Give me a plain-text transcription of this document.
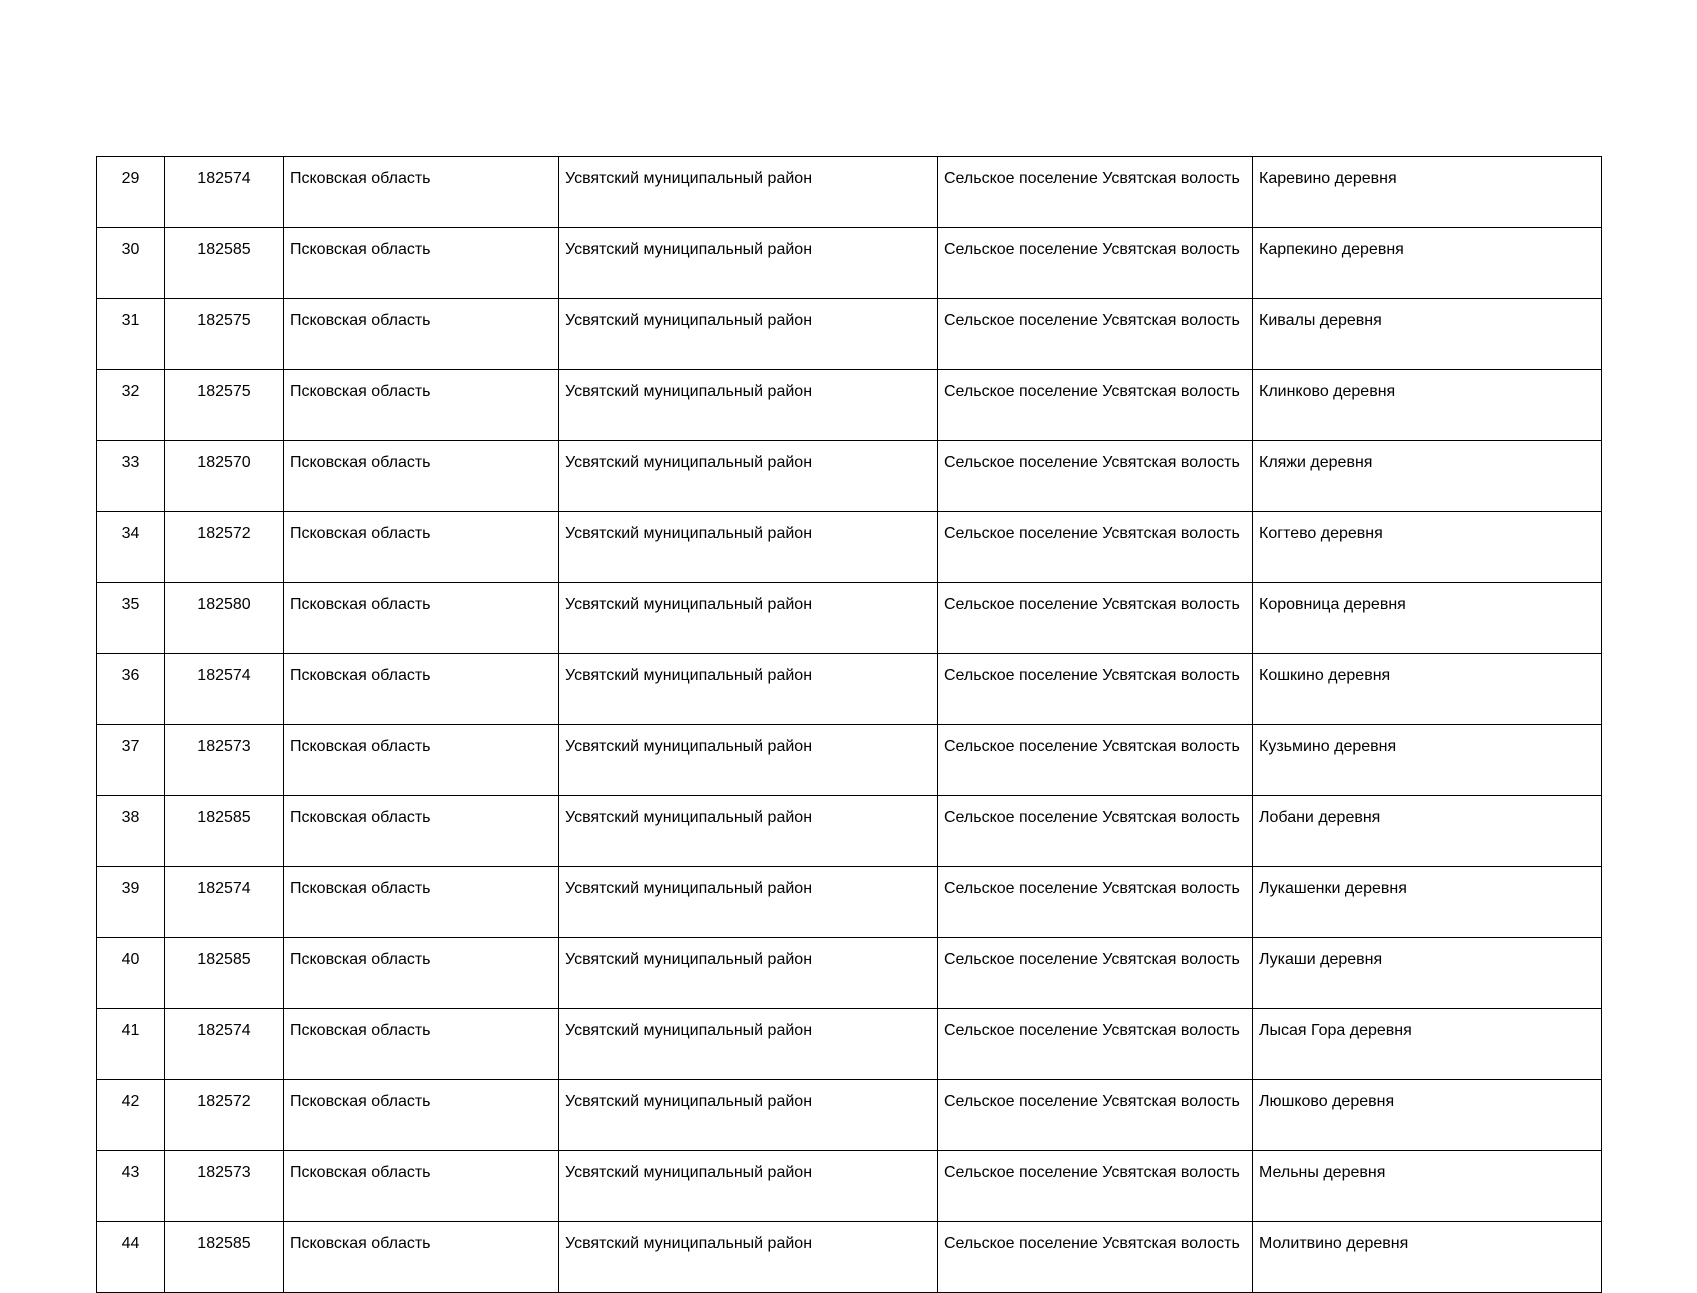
29	182574	Псковская область	Усвятский муниципальный район	Сельское поселение Усвятская волость	Каревино деревня
30	182585	Псковская область	Усвятский муниципальный район	Сельское поселение Усвятская волость	Карпекино деревня
31	182575	Псковская область	Усвятский муниципальный район	Сельское поселение Усвятская волость	Кивалы деревня
32	182575	Псковская область	Усвятский муниципальный район	Сельское поселение Усвятская волость	Клинково деревня
33	182570	Псковская область	Усвятский муниципальный район	Сельское поселение Усвятская волость	Кляжи деревня
34	182572	Псковская область	Усвятский муниципальный район	Сельское поселение Усвятская волость	Когтево деревня
35	182580	Псковская область	Усвятский муниципальный район	Сельское поселение Усвятская волость	Коровница деревня
36	182574	Псковская область	Усвятский муниципальный район	Сельское поселение Усвятская волость	Кошкино деревня
37	182573	Псковская область	Усвятский муниципальный район	Сельское поселение Усвятская волость	Кузьмино деревня
38	182585	Псковская область	Усвятский муниципальный район	Сельское поселение Усвятская волость	Лобани деревня
39	182574	Псковская область	Усвятский муниципальный район	Сельское поселение Усвятская волость	Лукашенки деревня
40	182585	Псковская область	Усвятский муниципальный район	Сельское поселение Усвятская волость	Лукаши деревня
41	182574	Псковская область	Усвятский муниципальный район	Сельское поселение Усвятская волость	Лысая Гора деревня
42	182572	Псковская область	Усвятский муниципальный район	Сельское поселение Усвятская волость	Люшково деревня
43	182573	Псковская область	Усвятский муниципальный район	Сельское поселение Усвятская волость	Мельны деревня
44	182585	Псковская область	Усвятский муниципальный район	Сельское поселение Усвятская волость	Молитвино деревня
